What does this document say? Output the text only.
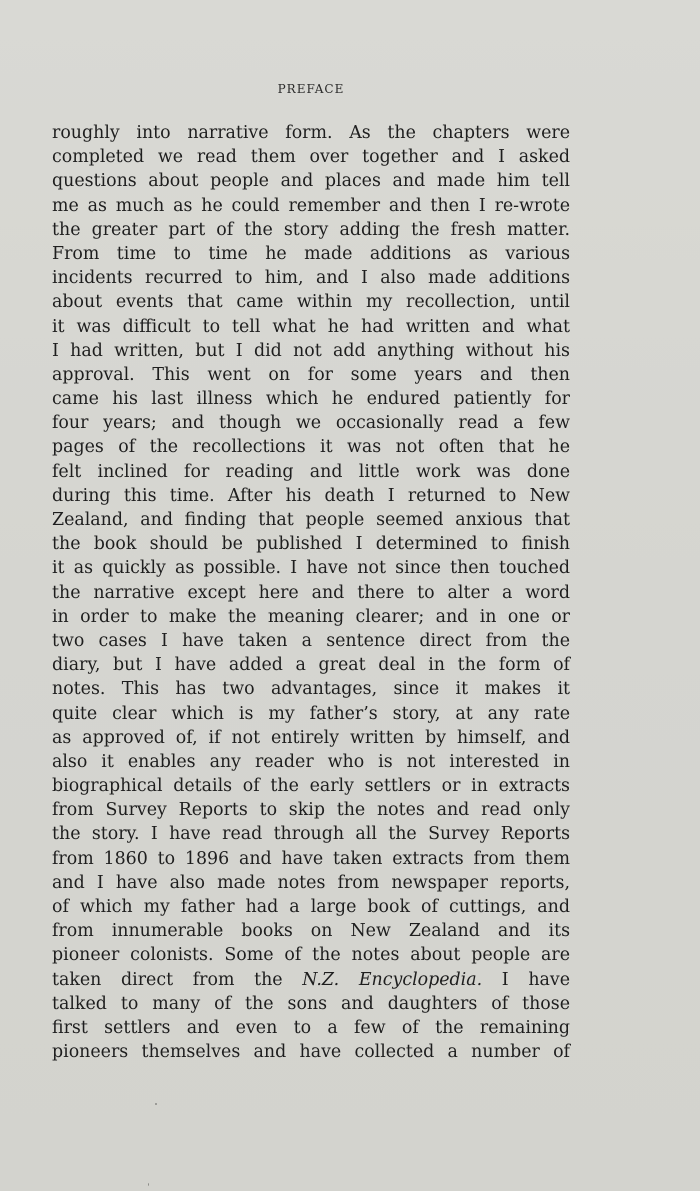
PREFACE
roughly into narrative form. As the chapters were
completed we read them over together and I asked
questions about people and places and made him tell
me as much as he could remember and then I re-wrote
the greater part of the story adding the fresh matter.
From time to time he made additions as various
incidents recurred to him, and I also made additions
about events that came within my recollection, until
it was difficult to tell what he had written and what
I had written, but I did not add anything without his
approval. This went on for some years and then
came his last illness which he endured patiently for
four years; and though we occasionally read a few
pages of the recollections it was not often that he
felt inclined for reading and little work was done
during this time. After his death I returned to New
Zealand, and finding that people seemed anxious that
the book should be published I determined to finish
it as quickly as possible. I have not since then touched
the narrative except here and there to alter a word
in order to make the meaning clearer; and in one or
two cases I have taken a sentence direct from the
diary, but I have added a great deal in the form of
notes. This has two advantages, since it makes it
quite clear which is my father’s story, at any rate
as approved of, if not entirely written by himself, and
also it enables any reader who is not interested in
biographical details of the early settlers or in extracts
from Survey Reports to skip the notes and read only
the story. I have read through all the Survey Reports
from 1860 to 1896 and have taken extracts from them
and I have also made notes from newspaper reports,
of which my father had a large book of cuttings, and
from innumerable books on New Zealand and its
pioneer colonists. Some of the notes about people are
taken direct from the N.Z. Encyclopedia. I have
talked to many of the sons and daughters of those
first settlers and even to a few of the remaining
pioneers themselves and have collected a number of
